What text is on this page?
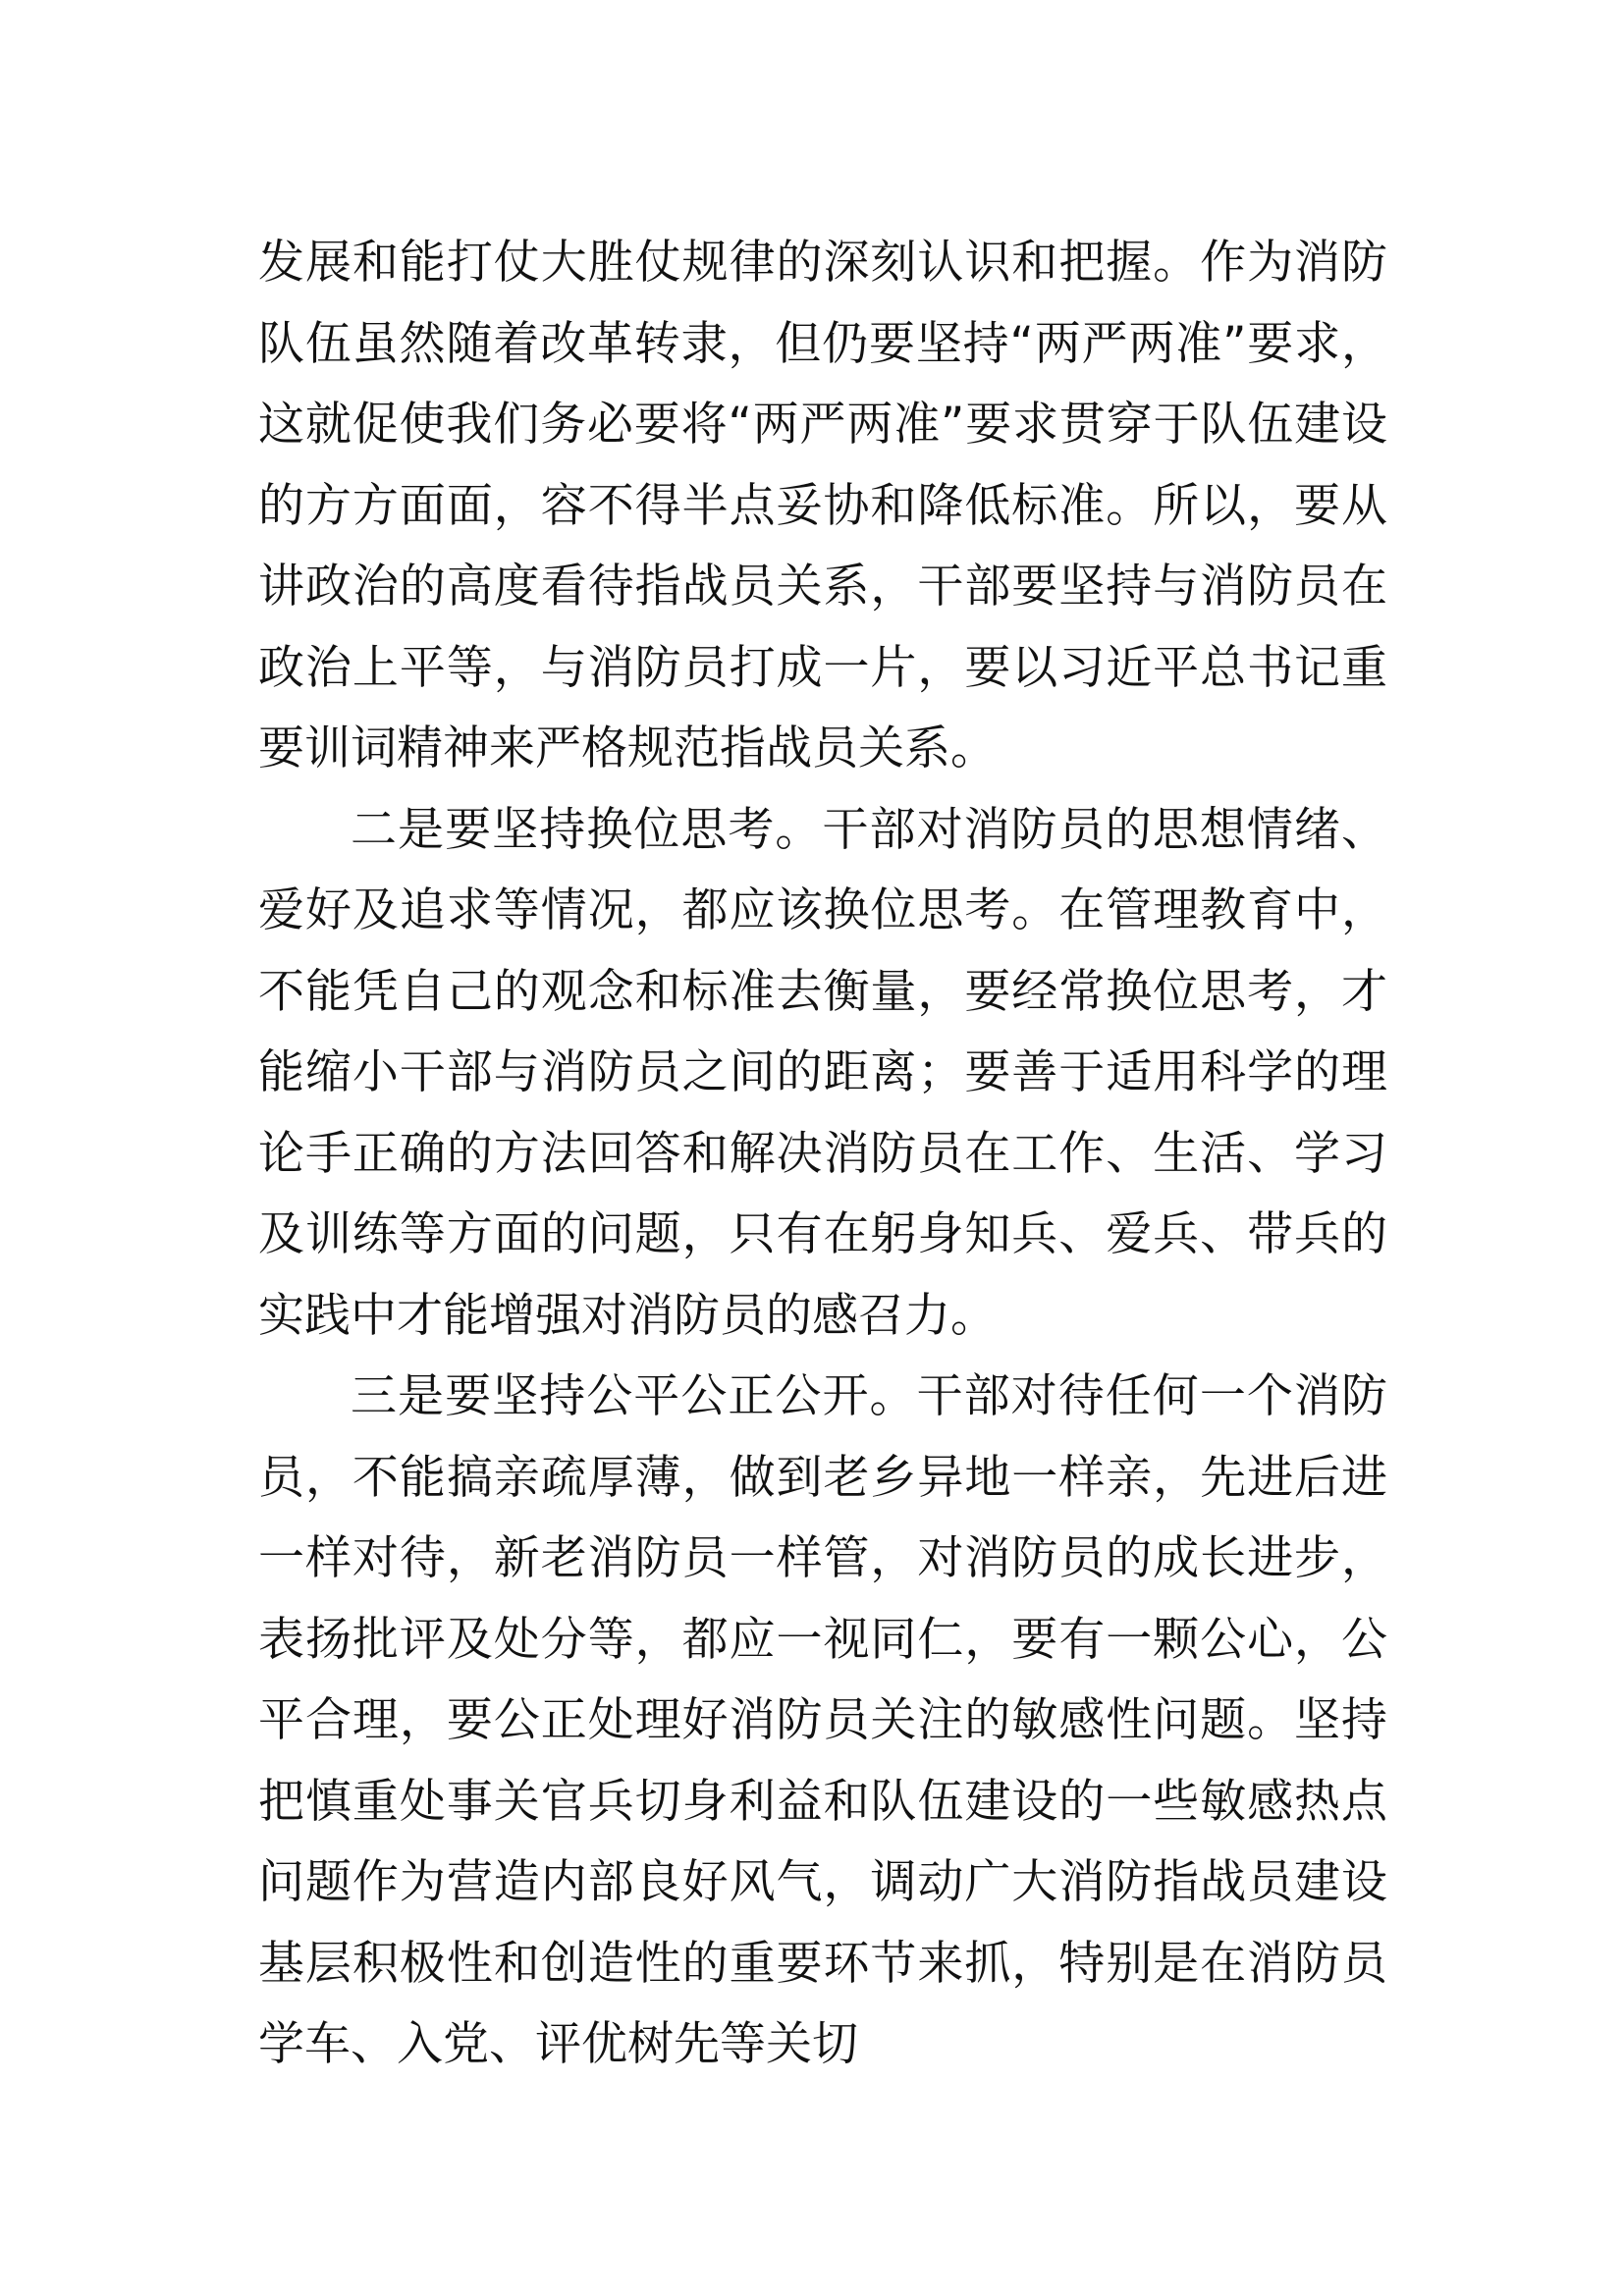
发展和能打仗大胜仗规律的深刻认识和把握。作为消防队伍虽然随着改革转隶，但仍要坚持“两严两准”要求，这就促使我们务必要将“两严两准”要求贯穿于队伍建设的方方面面，容不得半点妥协和降低标准。所以，要从讲政治的高度看待指战员关系，干部要坚持与消防员在政治上平等，与消防员打成一片，要以习近平总书记重要训词精神来严格规范指战员关系。

二是要坚持换位思考。干部对消防员的思想情绪、爱好及追求等情况，都应该换位思考。在管理教育中，不能凭自己的观念和标准去衡量，要经常换位思考，才能缩小干部与消防员之间的距离；要善于适用科学的理论手正确的方法回答和解决消防员在工作、生活、学习及训练等方面的问题，只有在躬身知兵、爱兵、带兵的实践中才能增强对消防员的感召力。

三是要坚持公平公正公开。干部对待任何一个消防员，不能搞亲疏厚薄，做到老乡异地一样亲，先进后进一样对待，新老消防员一样管，对消防员的成长进步，表扬批评及处分等，都应一视同仁，要有一颗公心，公平合理，要公正处理好消防员关注的敏感性问题。坚持把慎重处事关官兵切身利益和队伍建设的一些敏感热点问题作为营造内部良好风气，调动广大消防指战员建设基层积极性和创造性的重要环节来抓，特别是在消防员学车、入党、评优树先等关切
